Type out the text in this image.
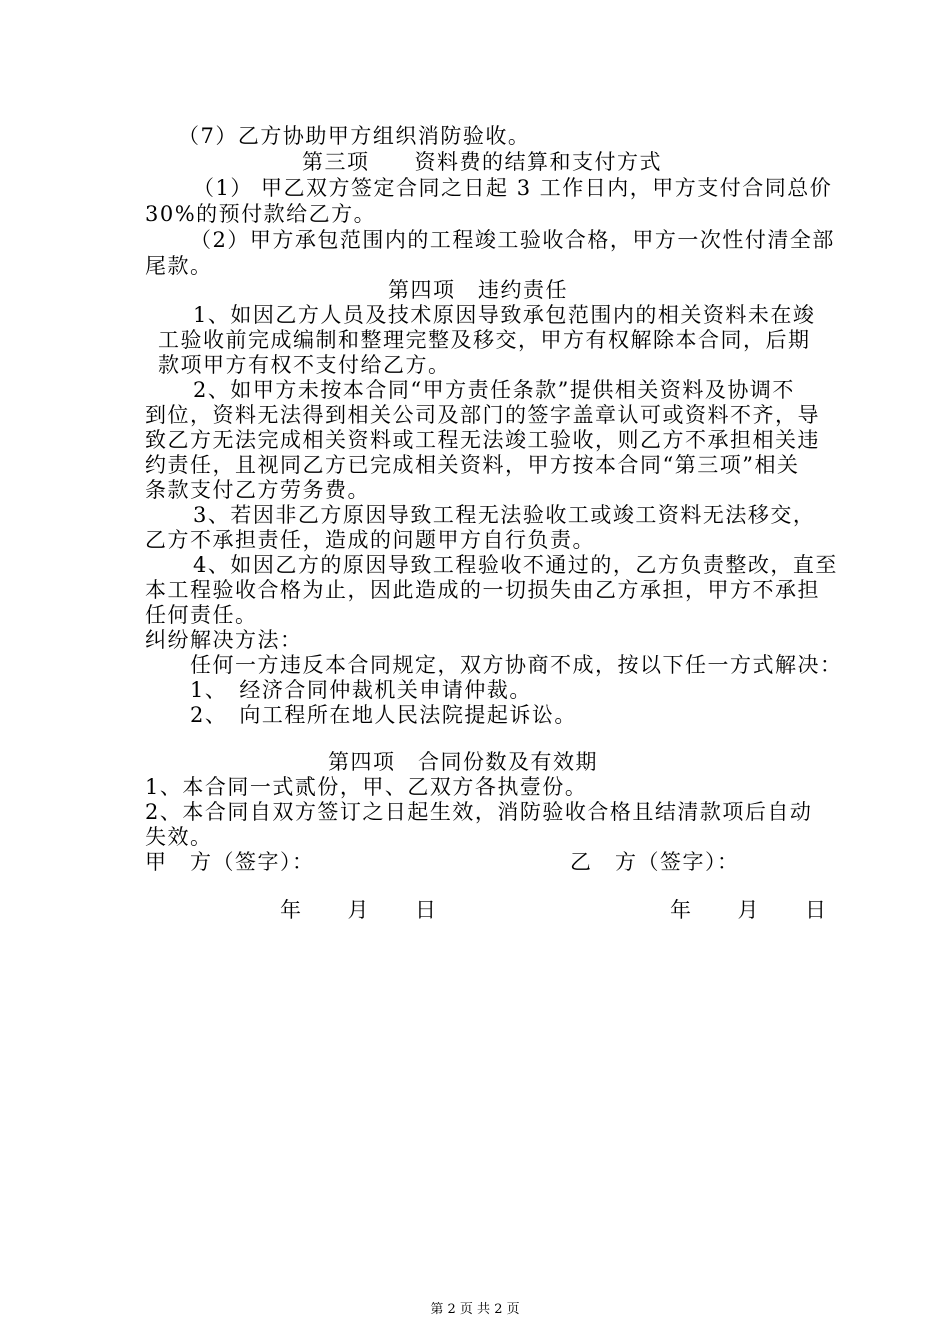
（7）乙方协助甲方组织消防验收。
第三项　　资料费的结算和支付方式
（1） 甲乙双方签定合同之日起 3 工作日内，甲方支付合同总价
30%的预付款给乙方。
（2）甲方承包范围内的工程竣工验收合格，甲方一次性付清全部
尾款。
第四项　违约责任
1、如因乙方人员及技术原因导致承包范围内的相关资料未在竣
工验收前完成编制和整理完整及移交，甲方有权解除本合同，后期
款项甲方有权不支付给乙方。
2、如甲方未按本合同“甲方责任条款”提供相关资料及协调不
到位，资料无法得到相关公司及部门的签字盖章认可或资料不齐，导
致乙方无法完成相关资料或工程无法竣工验收，则乙方不承担相关违
约责任，且视同乙方已完成相关资料，甲方按本合同“第三项”相关
条款支付乙方劳务费。
3、若因非乙方原因导致工程无法验收工或竣工资料无法移交，
乙方不承担责任，造成的问题甲方自行负责。
4、如因乙方的原因导致工程验收不通过的，乙方负责整改，直至
本工程验收合格为止，因此造成的一切损失由乙方承担，甲方不承担
任何责任。
纠纷解决方法：
任何一方违反本合同规定，双方协商不成，按以下任一方式解决：
1、　经济合同仲裁机关申请仲裁。
2、　向工程所在地人民法院提起诉讼。
第四项　合同份数及有效期
1、本合同一式贰份，甲、乙双方各执壹份。
2、本合同自双方签订之日起生效，消防验收合格且结清款项后自动
失效。
甲　方（签字）：	乙　方（签字）：
年　　月　　日	年　　月　　日
第 2 页 共 2 页
